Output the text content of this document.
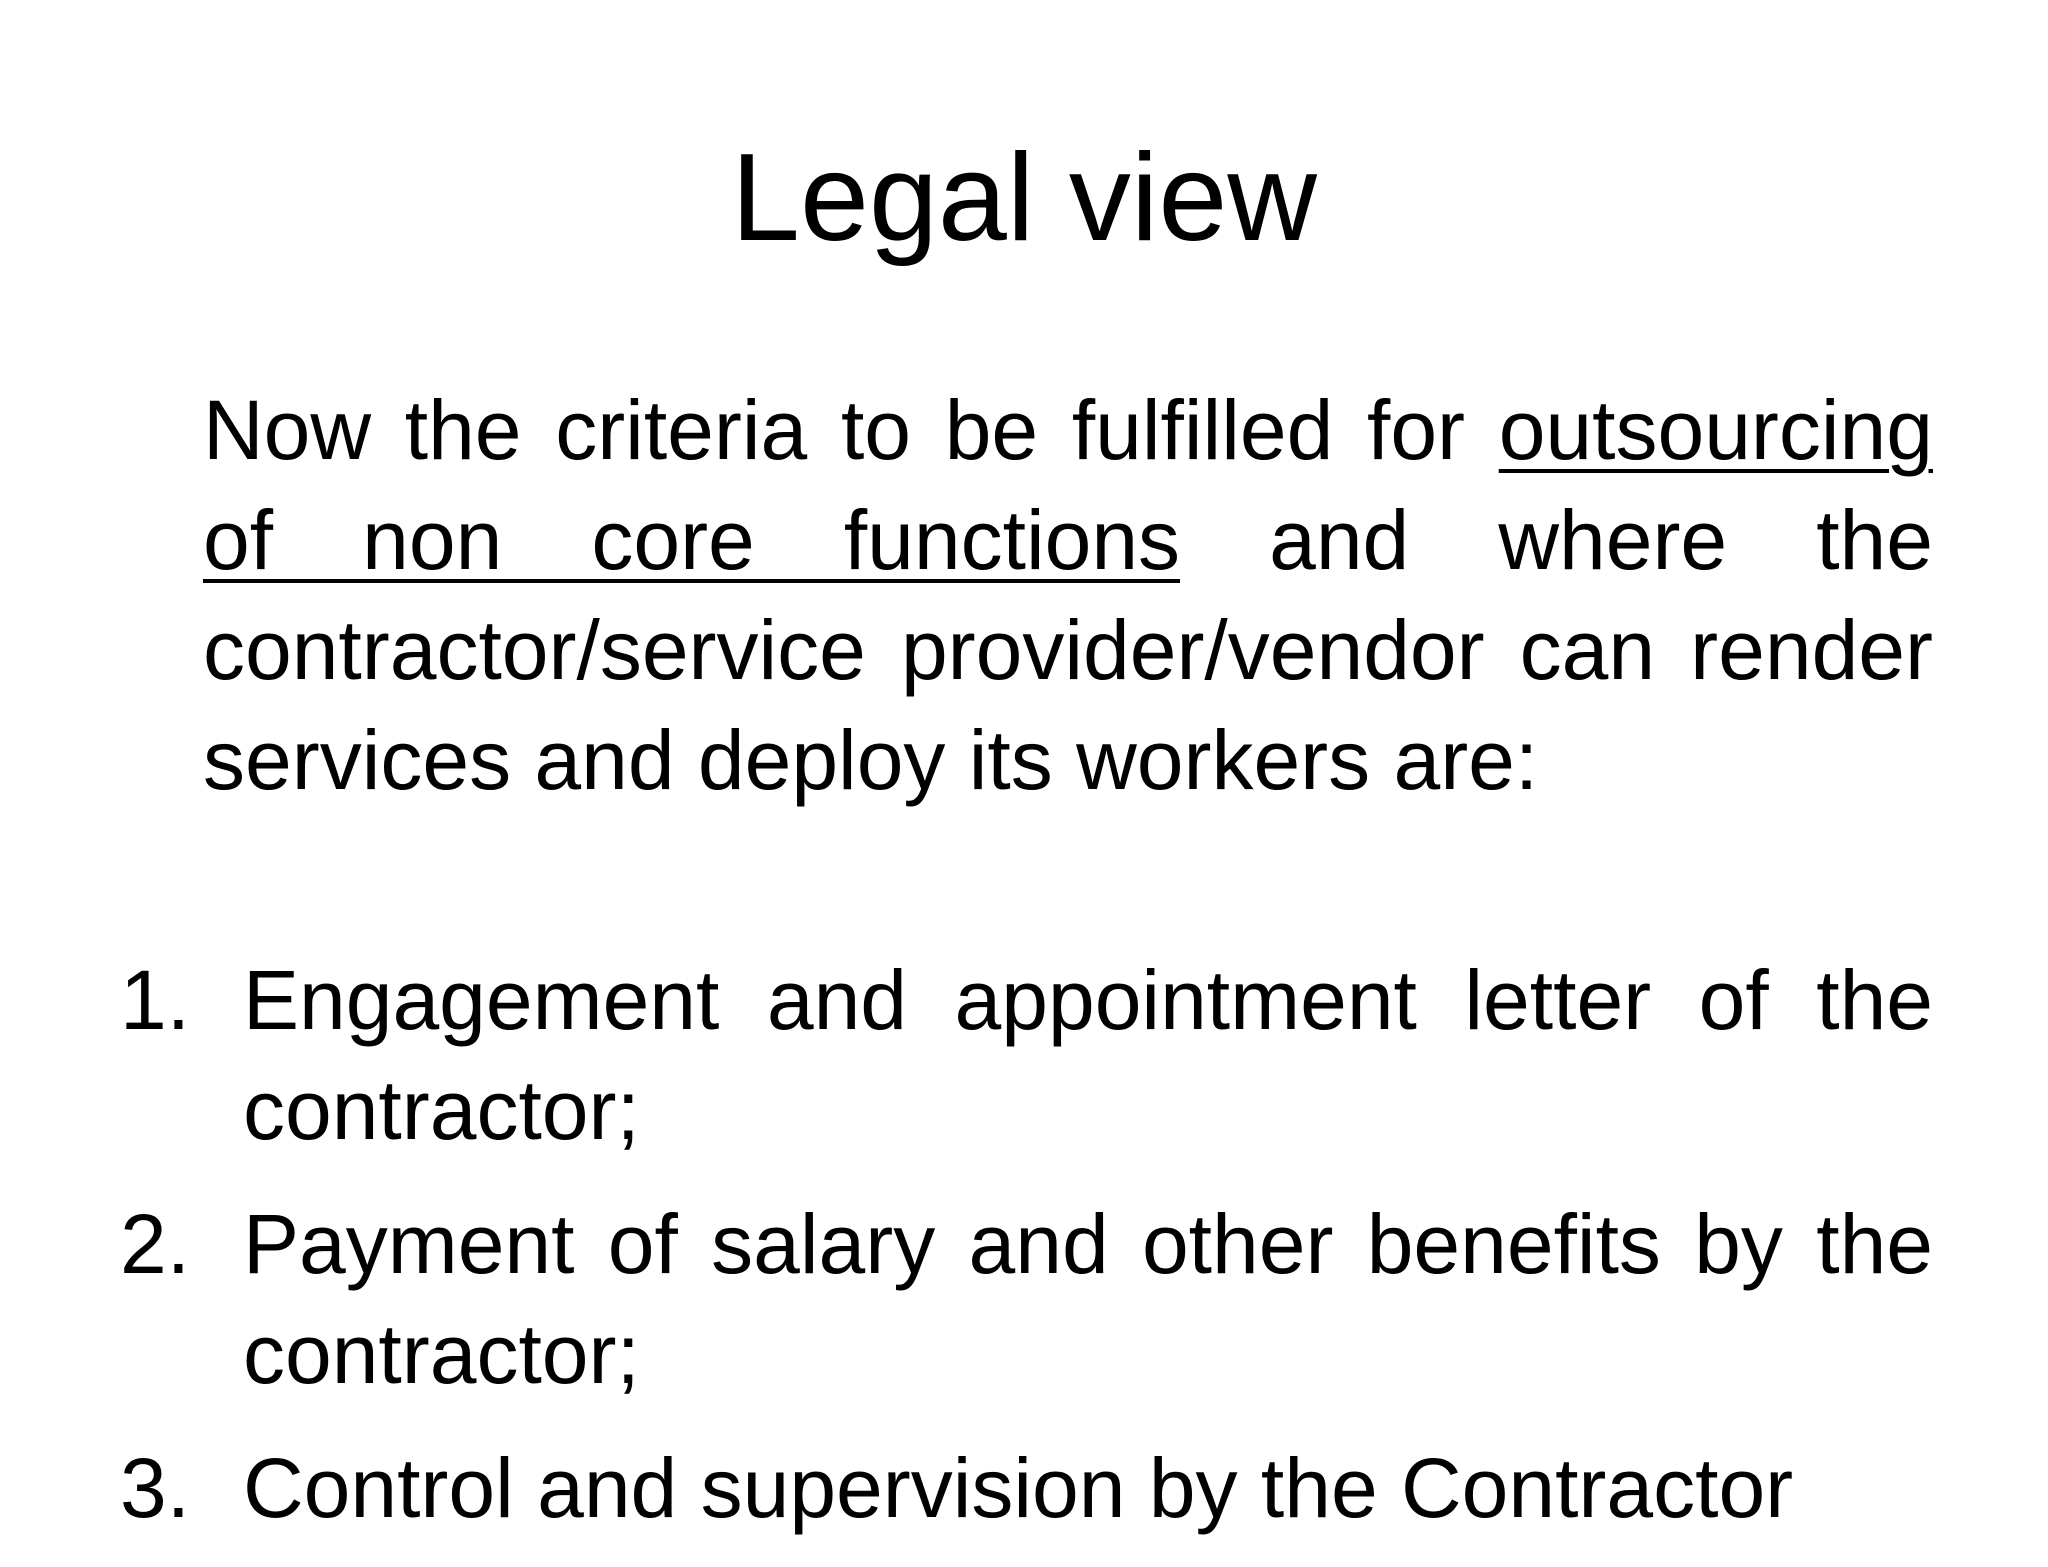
Legal view

Now the criteria to be fulfilled for outsourcing of non core functions and where the contractor/service provider/vendor can render services and deploy its workers are:

1. Engagement and appointment letter of the contractor;
2. Payment of salary and other benefits by the contractor;
3. Control and supervision by the Contractor
